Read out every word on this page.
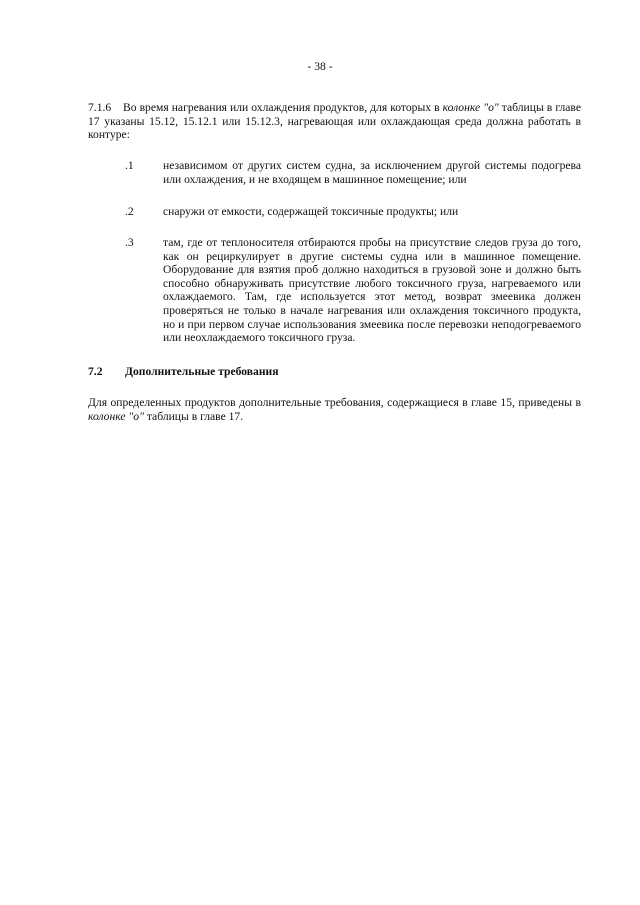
- 38 -
7.1.6 Во время нагревания или охлаждения продуктов, для которых в колонке "o" таблицы в главе 17 указаны 15.12, 15.12.1 или 15.12.3, нагревающая или охлаждающая среда должна работать в контуре:
.1	независимом от других систем судна, за исключением другой системы подогрева или охлаждения, и не входящем в машинное помещение; или
.2	снаружи от емкости, содержащей токсичные продукты; или
.3	там, где от теплоносителя отбираются пробы на присутствие следов груза до того, как он рециркулирует в другие системы судна или в машинное помещение. Оборудование для взятия проб должно находиться в грузовой зоне и должно быть способно обнаруживать присутствие любого токсичного груза, нагреваемого или охлаждаемого. Там, где используется этот метод, возврат змеевика должен проверяться не только в начале нагревания или охлаждения токсичного продукта, но и при первом случае использования змеевика после перевозки неподогреваемого или неохлаждаемого токсичного груза.
7.2 Дополнительные требования
Для определенных продуктов дополнительные требования, содержащиеся в главе 15, приведены в колонке "o" таблицы в главе 17.
